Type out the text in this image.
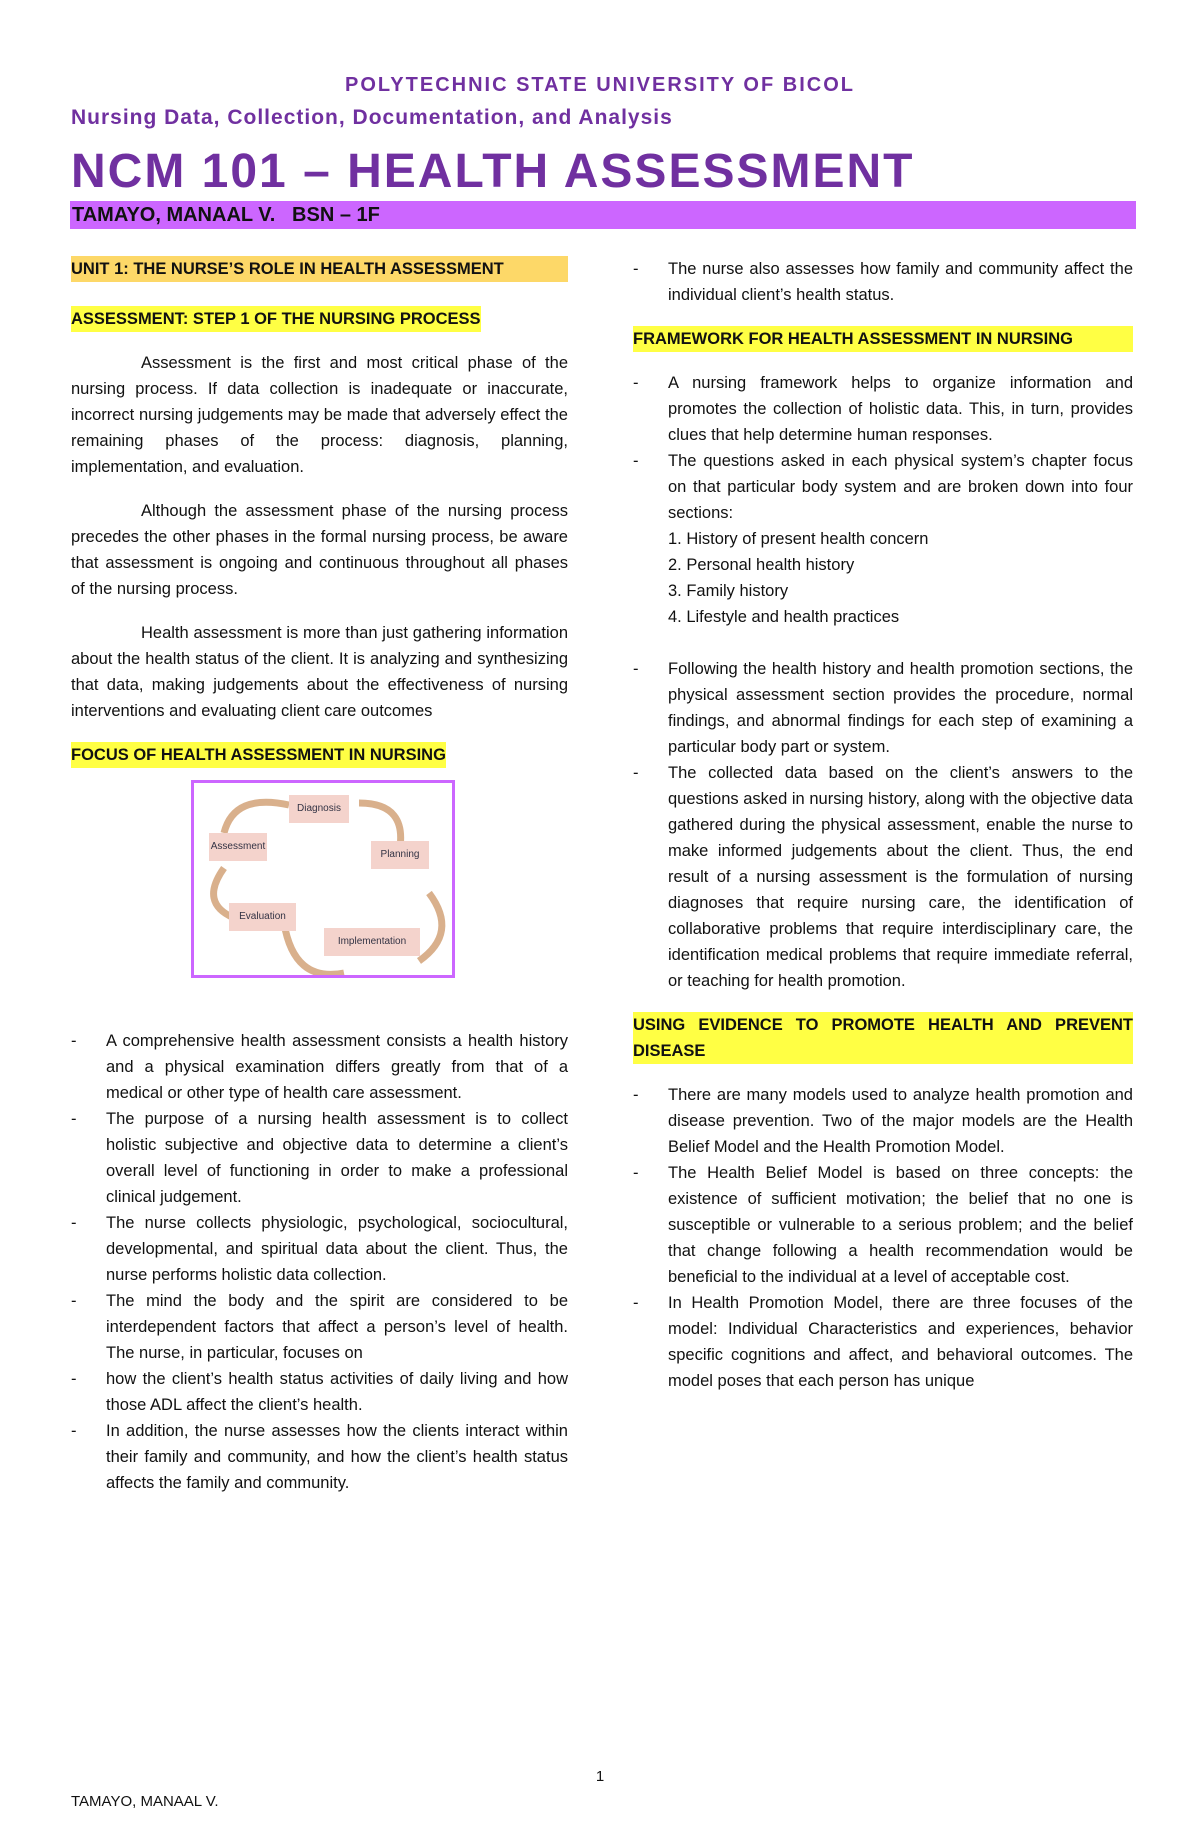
POLYTECHNIC STATE UNIVERSITY OF BICOL
Nursing Data, Collection, Documentation, and Analysis
NCM 101 – HEALTH ASSESSMENT
TAMAYO, MANAAL V.   BSN – 1F
UNIT 1: THE NURSE’S ROLE IN HEALTH ASSESSMENT
ASSESSMENT: STEP 1 OF THE NURSING PROCESS

Assessment is the first and most critical phase of the nursing process. If data collection is inadequate or inaccurate, incorrect nursing judgements may be made that adversely effect the remaining phases of the process: diagnosis, planning, implementation, and evaluation.

Although the assessment phase of the nursing process precedes the other phases in the formal nursing process, be aware that assessment is ongoing and continuous throughout all phases of the nursing process.

Health assessment is more than just gathering information about the health status of the client. It is analyzing and synthesizing that data, making judgements about the effectiveness of nursing interventions and evaluating client care outcomes

FOCUS OF HEALTH ASSESSMENT IN NURSING
Diagnosis
Assessment
Planning
Evaluation
Implementation
- A comprehensive health assessment consists a health history and a physical examination differs greatly from that of a medical or other type of health care assessment.
- The purpose of a nursing health assessment is to collect holistic subjective and objective data to determine a client’s overall level of functioning in order to make a professional clinical judgement.
- The nurse collects physiologic, psychological, sociocultural, developmental, and spiritual data about the client. Thus, the nurse performs holistic data collection.
- The mind the body and the spirit are considered to be interdependent factors that affect a person’s level of health. The nurse, in particular, focuses on
- how the client’s health status activities of daily living and how those ADL affect the client’s health.
- In addition, the nurse assesses how the clients interact within their family and community, and how the client’s health status affects the family and community.
- The nurse also assesses how family and community affect the individual client’s health status.
FRAMEWORK FOR HEALTH ASSESSMENT IN NURSING
- A nursing framework helps to organize information and promotes the collection of holistic data. This, in turn, provides clues that help determine human responses.
- The questions asked in each physical system’s chapter focus on that particular body system and are broken down into four sections:
1. History of present health concern
2. Personal health history
3. Family history
4. Lifestyle and health practices
- Following the health history and health promotion sections, the physical assessment section provides the procedure, normal findings, and abnormal findings for each step of examining a particular body part or system.
- The collected data based on the client’s answers to the questions asked in nursing history, along with the objective data gathered during the physical assessment, enable the nurse to make informed judgements about the client. Thus, the end result of a nursing assessment is the formulation of nursing diagnoses that require nursing care, the identification of collaborative problems that require interdisciplinary care, the identification medical problems that require immediate referral, or teaching for health promotion.
USING EVIDENCE TO PROMOTE HEALTH AND PREVENT DISEASE
- There are many models used to analyze health promotion and disease prevention. Two of the major models are the Health Belief Model and the Health Promotion Model.
- The Health Belief Model is based on three concepts: the existence of sufficient motivation; the belief that no one is susceptible or vulnerable to a serious problem; and the belief that change following a health recommendation would be beneficial to the individual at a level of acceptable cost.
- In Health Promotion Model, there are three focuses of the model: Individual Characteristics and experiences, behavior specific cognitions and affect, and behavioral outcomes. The model poses that each person has unique
1
TAMAYO, MANAAL V.
